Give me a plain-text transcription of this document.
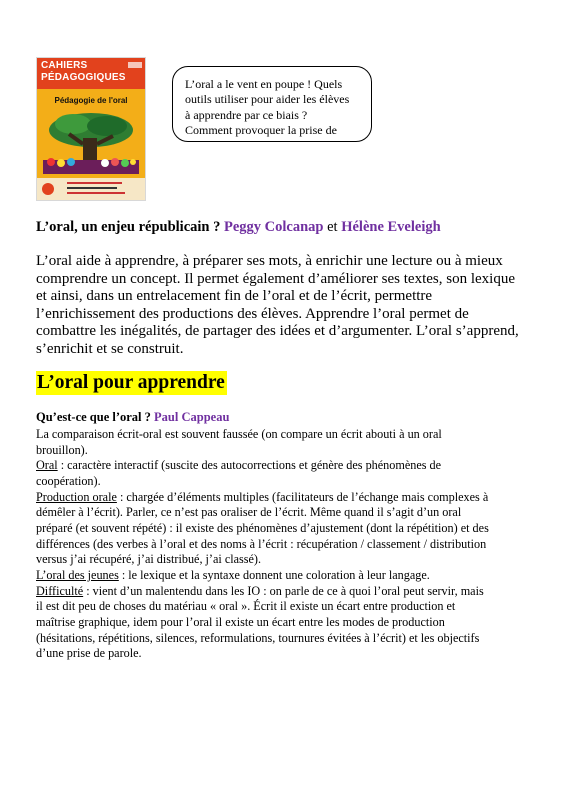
CAHIERS
PÉDAGOGIQUES
Pédagogie de l'oral
L’oral a le vent en poupe ! Quels
outils utiliser pour aider les élèves
à apprendre par ce biais ?
Comment provoquer la prise de
L’oral, un enjeu républicain ? Peggy Colcanap et Hélène Eveleigh
L’oral aide à apprendre, à préparer ses mots, à enrichir une lecture ou à mieux
comprendre un concept. Il permet également d’améliorer ses textes, son lexique
et ainsi, dans un entrelacement fin de l’oral et de l’écrit, permettre
l’enrichissement des productions des élèves. Apprendre l’oral permet de
combattre les inégalités, de partager des idées et d’argumenter. L’oral s’apprend,
s’enrichit et se construit.
L’oral pour apprendre
Qu’est-ce que l’oral ? Paul Cappeau
La comparaison écrit-oral est souvent faussée (on compare un écrit abouti à un oral
brouillon).
Oral : caractère interactif (suscite des autocorrections et génère des phénomènes de
coopération).
Production orale : chargée d’éléments multiples (facilitateurs de l’échange mais complexes à
démêler à l’écrit). Parler, ce n’est pas oraliser de l’écrit. Même quand il s’agit d’un oral
préparé (et souvent répété) : il existe des phénomènes d’ajustement (dont la répétition) et des
différences (des verbes à l’oral et des noms à l’écrit : récupération / classement / distribution
versus j’ai récupéré, j’ai distribué, j’ai classé).
L’oral des jeunes : le lexique et la syntaxe donnent une coloration à leur langage.
Difficulté : vient d’un malentendu dans les IO : on parle de ce à quoi l’oral peut servir, mais
il est dit peu de choses du matériau « oral ». Écrit il existe un écart entre production et
maîtrise graphique, idem pour l’oral il existe un écart entre les modes de production
(hésitations, répétitions, silences, reformulations, tournures évitées à l’écrit) et les objectifs
d’une prise de parole.
